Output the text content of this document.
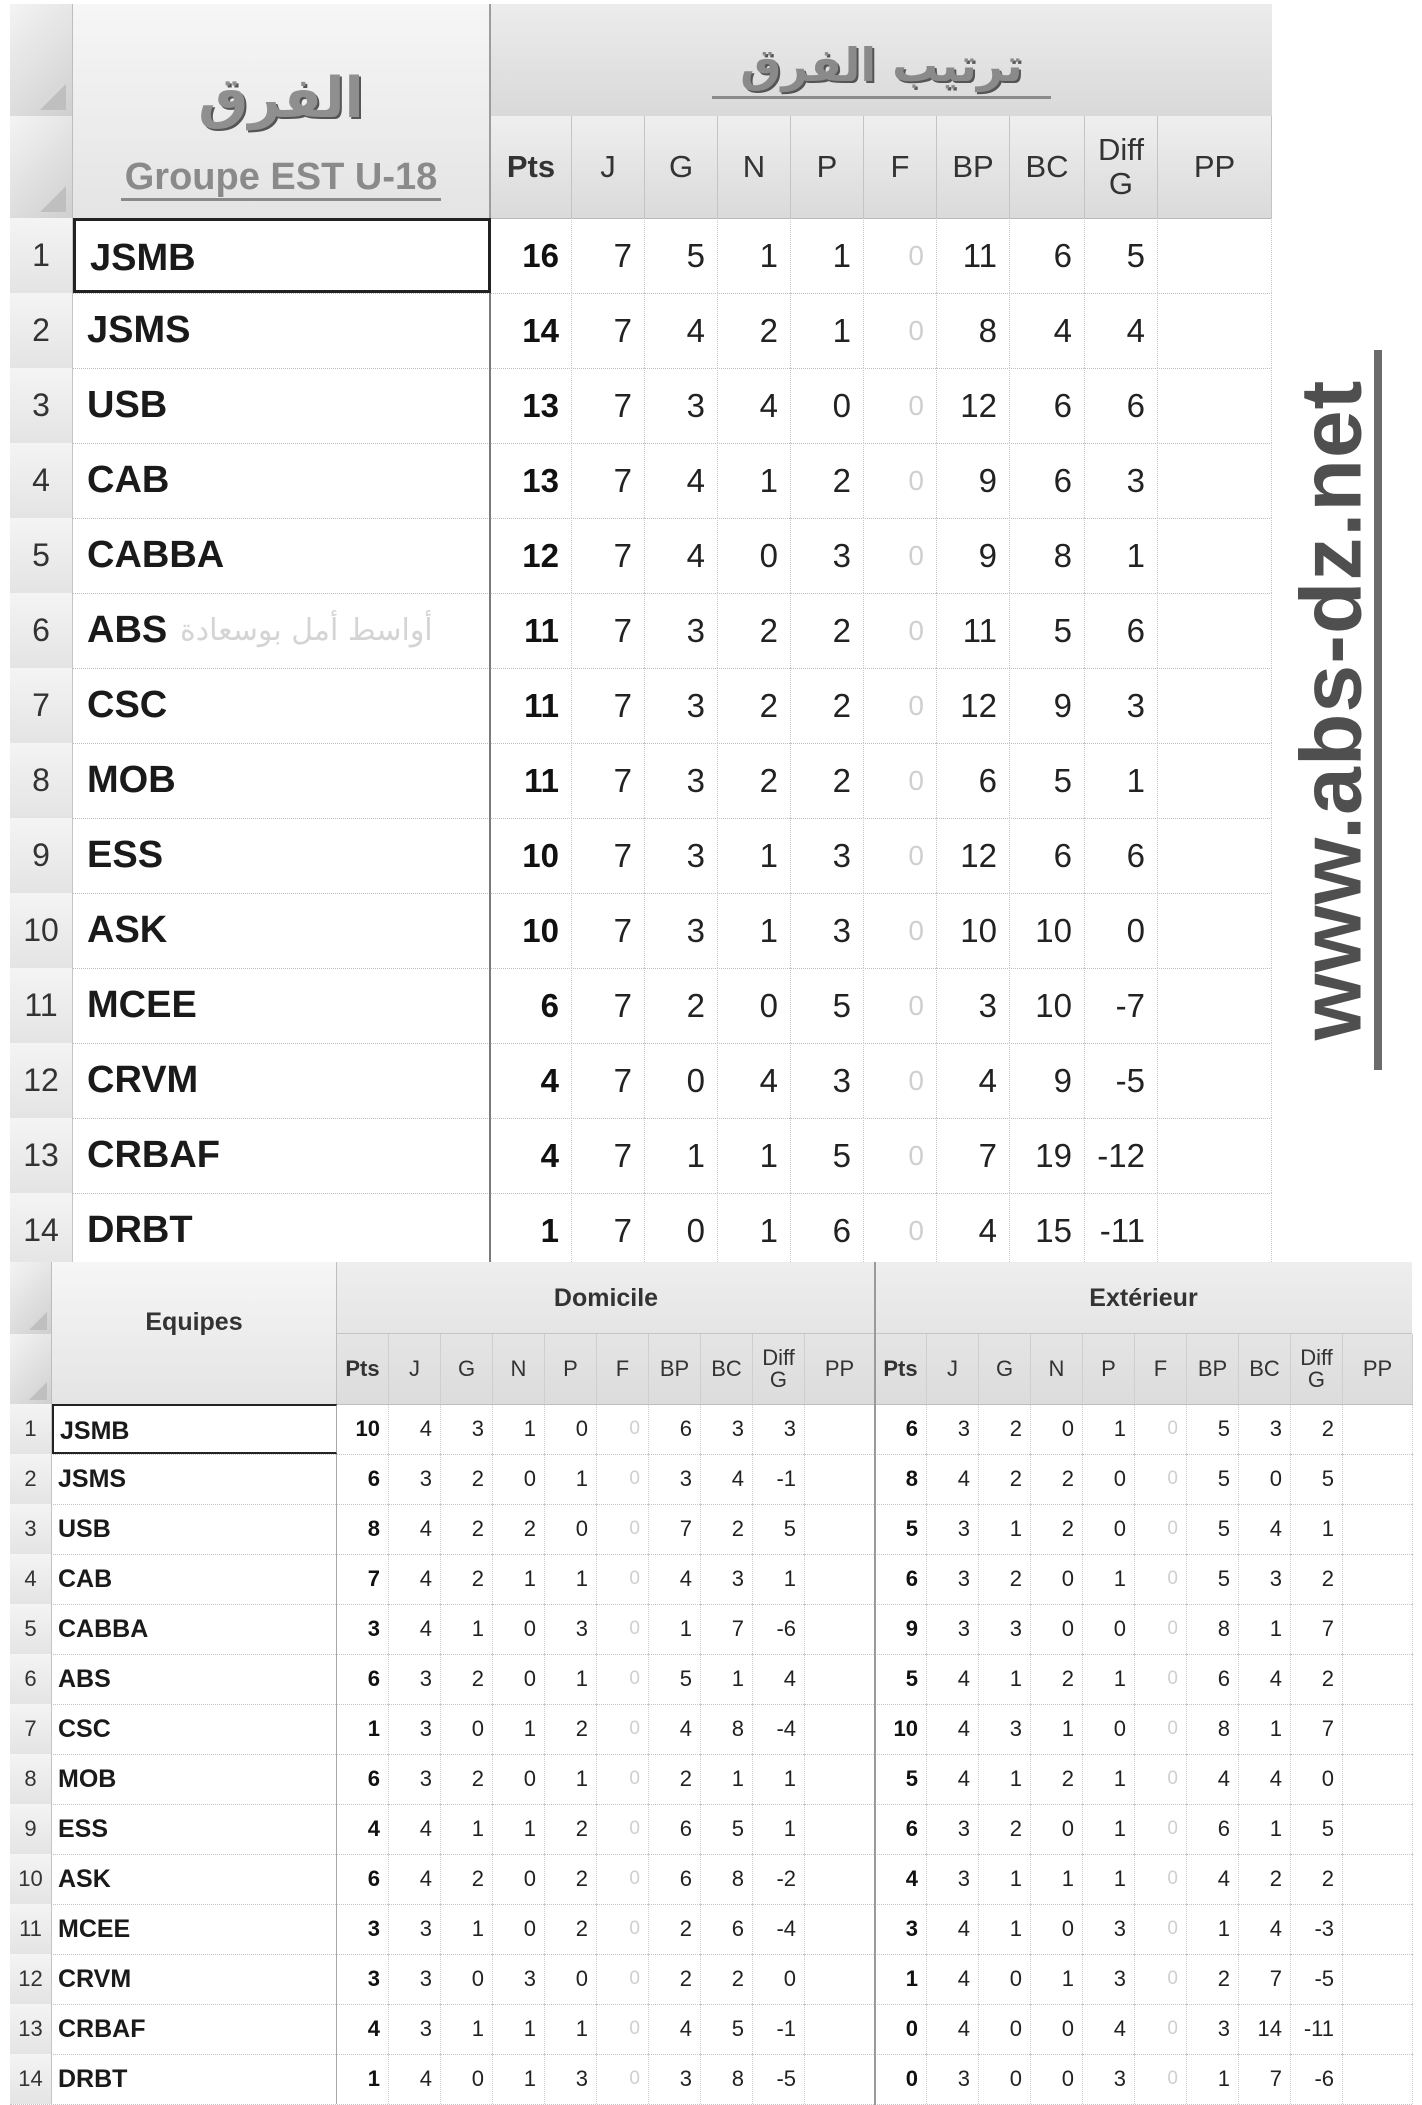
الفرق
Groupe EST U-18
ترتيب الفرق
Pts	J	G	N	P	F	BP	BC Diff
G	PP
1	JSMB	16	7	5	1	1	0	11	6	5
2 JSMS	14	7	4	2	1	0	8	4	4
3 USB	13	7	3	4	0	0	12	6	6
4 CAB	13	7	4	1	2	0	9	6	3
5 CABBA	12	7	4	0	3	0	9	8	1
6 ABS	11	7	3	2	2	0	11	5	6
أواسط أمل بوسعادة
7 CSC	11	7	3	2	2	0	12	9	3
8 MOB	11	7	3	2	2	0	6	5	1
9 ESS	10	7	3	1	3	0	12	6	6
10 ASK	10	7	3	1	3	0	10	10	0
11 MCEE	6	7	2	0	5	0	3	10	-7
12 CRVM	4	7	0	4	3	0	4	9	-5
13 CRBAF	4	7	1	1	5	0	7	19 -12
14 DRBT	1	7	0	1	6	0	4	15 -11
www.abs-dz.net
Equipes
Domicile	Extérieur
Pts	J	G	N	P	F	BP	BC Diff
G	PP	Pts	J	G	N	P	F	BP	BC Diff
G	PP
1 JSMB	10	4	3	1	0	0	6	3	3	6	3	2	0	1	0	5	3	2
2 JSMS	6	3	2	0	1	0	3	4	-1	8	4	2	2	0	0	5	0	5
3 USB	8	4	2	2	0	0	7	2	5	5	3	1	2	0	0	5	4	1
4 CAB	7	4	2	1	1	0	4	3	1	6	3	2	0	1	0	5	3	2
5 CABBA	3	4	1	0	3	0	1	7	-6	9	3	3	0	0	0	8	1	7
6 ABS	6	3	2	0	1	0	5	1	4	5	4	1	2	1	0	6	4	2
7 CSC	1	3	0	1	2	0	4	8	-4	10	4	3	1	0	0	8	1	7
8 MOB	6	3	2	0	1	0	2	1	1	5	4	1	2	1	0	4	4	0
9 ESS	4	4	1	1	2	0	6	5	1	6	3	2	0	1	0	6	1	5
10 ASK	6	4	2	0	2	0	6	8	-2	4	3	1	1	1	0	4	2	2
11 MCEE	3	3	1	0	2	0	2	6	-4	3	4	1	0	3	0	1	4	-3
12 CRVM	3	3	0	3	0	0	2	2	0	1	4	0	1	3	0	2	7	-5
13 CRBAF	4	3	1	1	1	0	4	5	-1	0	4	0	0	4	0	3	14 -11
14 DRBT	1	4	0	1	3	0	3	8	-5	0	3	0	0	3	0	1	7	-6
